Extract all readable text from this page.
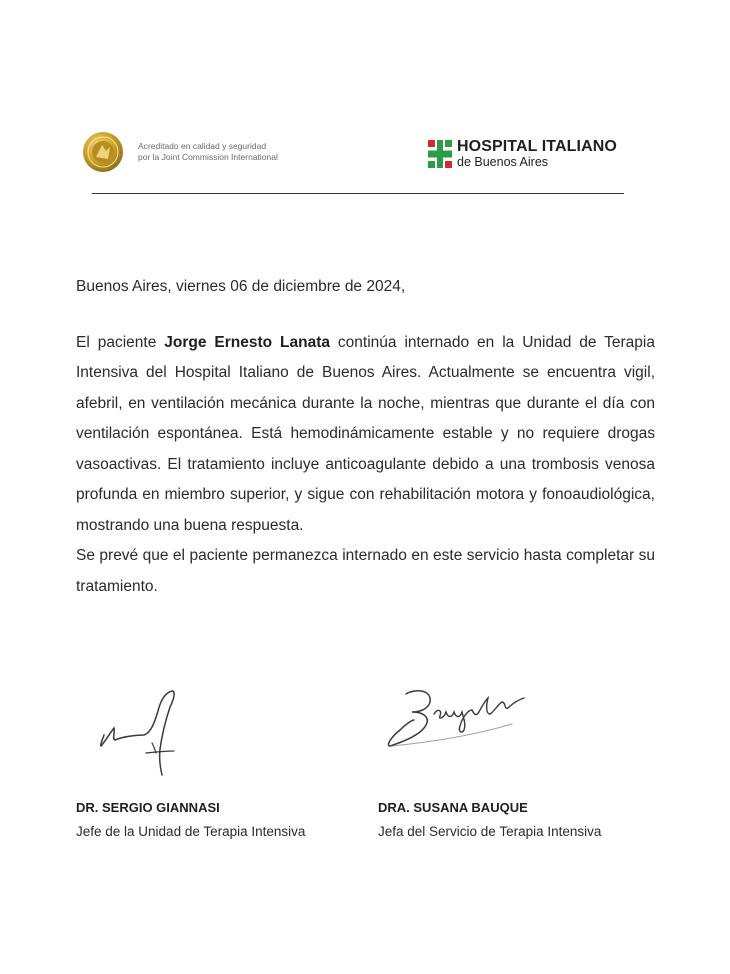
Acreditado en calidad y seguridad
por la Joint Commission International
HOSPITAL ITALIANO
de Buenos Aires

Buenos Aires, viernes 06 de diciembre de 2024,

El paciente Jorge Ernesto Lanata continúa internado en la Unidad de Terapia Intensiva del Hospital Italiano de Buenos Aires. Actualmente se encuentra vigil, afebril, en ventilación mecánica durante la noche, mientras que durante el día con ventilación espontánea. Está hemodinámicamente estable y no requiere drogas vasoactivas. El tratamiento incluye anticoagulante debido a una trombosis venosa profunda en miembro superior, y sigue con rehabilitación motora y fonoaudiológica, mostrando una buena respuesta.

Se prevé que el paciente permanezca internado en este servicio hasta completar su tratamiento.

DR. SERGIO GIANNASI
Jefe de la Unidad de Terapia Intensiva
DRA. SUSANA BAUQUE
Jefa del Servicio de Terapia Intensiva
